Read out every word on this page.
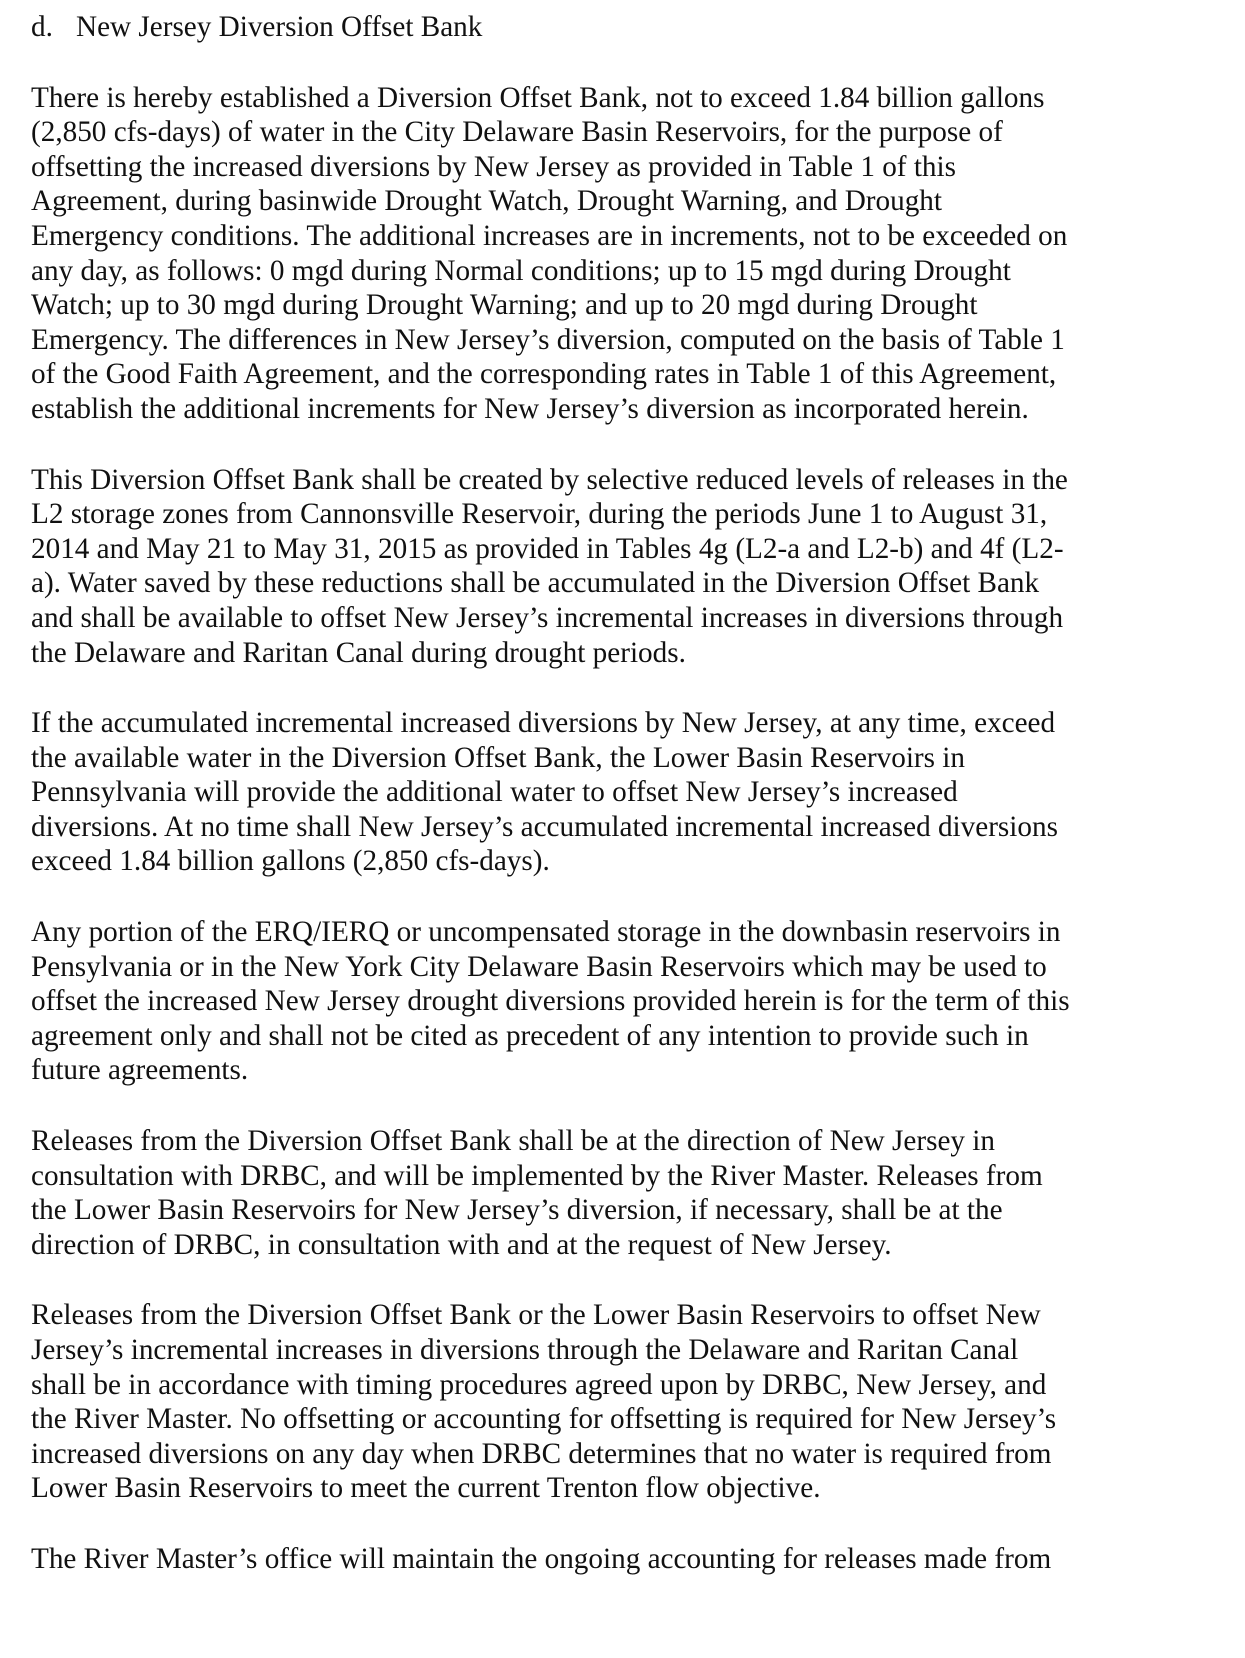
d. New Jersey Diversion Offset Bank

There is hereby established a Diversion Offset Bank, not to exceed 1.84 billion gallons
(2,850 cfs-days) of water in the City Delaware Basin Reservoirs, for the purpose of
offsetting the increased diversions by New Jersey as provided in Table 1 of this
Agreement, during basinwide Drought Watch, Drought Warning, and Drought
Emergency conditions. The additional increases are in increments, not to be exceeded on
any day, as follows: 0 mgd during Normal conditions; up to 15 mgd during Drought
Watch; up to 30 mgd during Drought Warning; and up to 20 mgd during Drought
Emergency. The differences in New Jersey’s diversion, computed on the basis of Table 1
of the Good Faith Agreement, and the corresponding rates in Table 1 of this Agreement,
establish the additional increments for New Jersey’s diversion as incorporated herein.

This Diversion Offset Bank shall be created by selective reduced levels of releases in the
L2 storage zones from Cannonsville Reservoir, during the periods June 1 to August 31,
2014 and May 21 to May 31, 2015 as provided in Tables 4g (L2-a and L2-b) and 4f (L2-
a). Water saved by these reductions shall be accumulated in the Diversion Offset Bank
and shall be available to offset New Jersey’s incremental increases in diversions through
the Delaware and Raritan Canal during drought periods.

If the accumulated incremental increased diversions by New Jersey, at any time, exceed
the available water in the Diversion Offset Bank, the Lower Basin Reservoirs in
Pennsylvania will provide the additional water to offset New Jersey’s increased
diversions. At no time shall New Jersey’s accumulated incremental increased diversions
exceed 1.84 billion gallons (2,850 cfs-days).

Any portion of the ERQ/IERQ or uncompensated storage in the downbasin reservoirs in
Pensylvania or in the New York City Delaware Basin Reservoirs which may be used to
offset the increased New Jersey drought diversions provided herein is for the term of this
agreement only and shall not be cited as precedent of any intention to provide such in
future agreements.

Releases from the Diversion Offset Bank shall be at the direction of New Jersey in
consultation with DRBC, and will be implemented by the River Master. Releases from
the Lower Basin Reservoirs for New Jersey’s diversion, if necessary, shall be at the
direction of DRBC, in consultation with and at the request of New Jersey.

Releases from the Diversion Offset Bank or the Lower Basin Reservoirs to offset New
Jersey’s incremental increases in diversions through the Delaware and Raritan Canal
shall be in accordance with timing procedures agreed upon by DRBC, New Jersey, and
the River Master. No offsetting or accounting for offsetting is required for New Jersey’s
increased diversions on any day when DRBC determines that no water is required from
Lower Basin Reservoirs to meet the current Trenton flow objective.

The River Master’s office will maintain the ongoing accounting for releases made from
